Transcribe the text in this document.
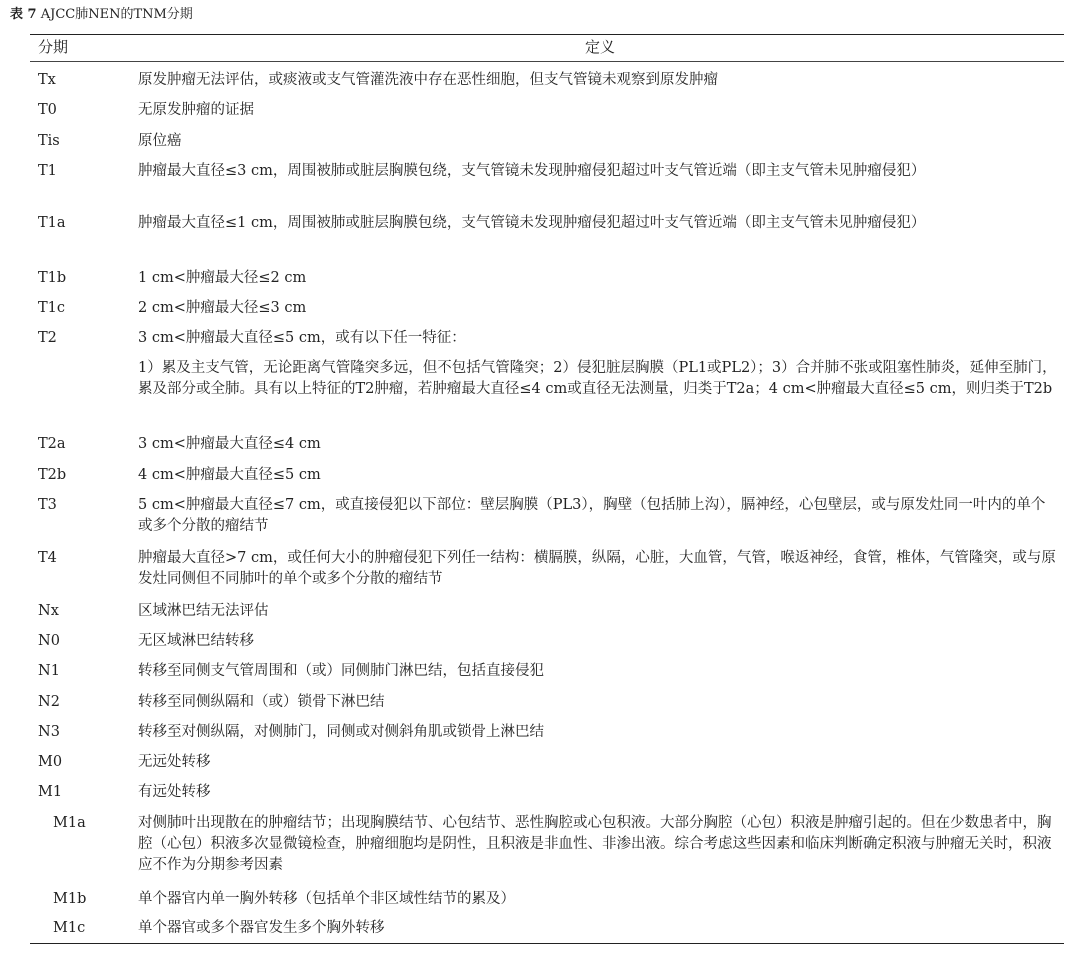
表 7 AJCC肺NEN的TNM分期
分期	定义
Tx	原发肿瘤无法评估，或痰液或支气管灌洗液中存在恶性细胞，但支气管镜未观察到原发肿瘤
T0	无原发肿瘤的证据
Tis	原位癌
T1	肿瘤最大直径≤3 cm，周围被肺或脏层胸膜包绕，支气管镜未发现肿瘤侵犯超过叶支气管近端（即主支气管未见肿瘤侵犯）
T1a	肿瘤最大直径≤1 cm，周围被肺或脏层胸膜包绕，支气管镜未发现肿瘤侵犯超过叶支气管近端（即主支气管未见肿瘤侵犯）
T1b	1 cm<肿瘤最大径≤2 cm
T1c	2 cm<肿瘤最大径≤3 cm
T2	3 cm<肿瘤最大直径≤5 cm，或有以下任一特征：
1）累及主支气管，无论距离气管隆突多远，但不包括气管隆突；2）侵犯脏层胸膜（PL1或PL2）；3）合并肺不张或阻塞性肺炎，延伸至肺门，累及部分或全肺。具有以上特征的T2肿瘤，若肿瘤最大直径≤4 cm或直径无法测量，归类于T2a；4 cm<肿瘤最大直径≤5 cm，则归类于T2b
T2a	3 cm<肿瘤最大直径≤4 cm
T2b	4 cm<肿瘤最大直径≤5 cm
T3	5 cm<肿瘤最大直径≤7 cm，或直接侵犯以下部位：壁层胸膜（PL3），胸壁（包括肺上沟），膈神经，心包壁层，或与原发灶同一叶内的单个或多个分散的瘤结节
T4	肿瘤最大直径>7 cm，或任何大小的肿瘤侵犯下列任一结构：横膈膜，纵隔，心脏，大血管，气管，喉返神经，食管，椎体，气管隆突，或与原发灶同侧但不同肺叶的单个或多个分散的瘤结节
Nx	区域淋巴结无法评估
N0	无区域淋巴结转移
N1	转移至同侧支气管周围和（或）同侧肺门淋巴结，包括直接侵犯
N2	转移至同侧纵隔和（或）锁骨下淋巴结
N3	转移至对侧纵隔，对侧肺门，同侧或对侧斜角肌或锁骨上淋巴结
M0	无远处转移
M1	有远处转移
M1a	对侧肺叶出现散在的肿瘤结节；出现胸膜结节、心包结节、恶性胸腔或心包积液。大部分胸腔（心包）积液是肿瘤引起的。但在少数患者中，胸腔（心包）积液多次显微镜检查，肿瘤细胞均是阴性，且积液是非血性、非渗出液。综合考虑这些因素和临床判断确定积液与肿瘤无关时，积液应不作为分期参考因素
M1b	单个器官内单一胸外转移（包括单个非区域性结节的累及）
M1c	单个器官或多个器官发生多个胸外转移
